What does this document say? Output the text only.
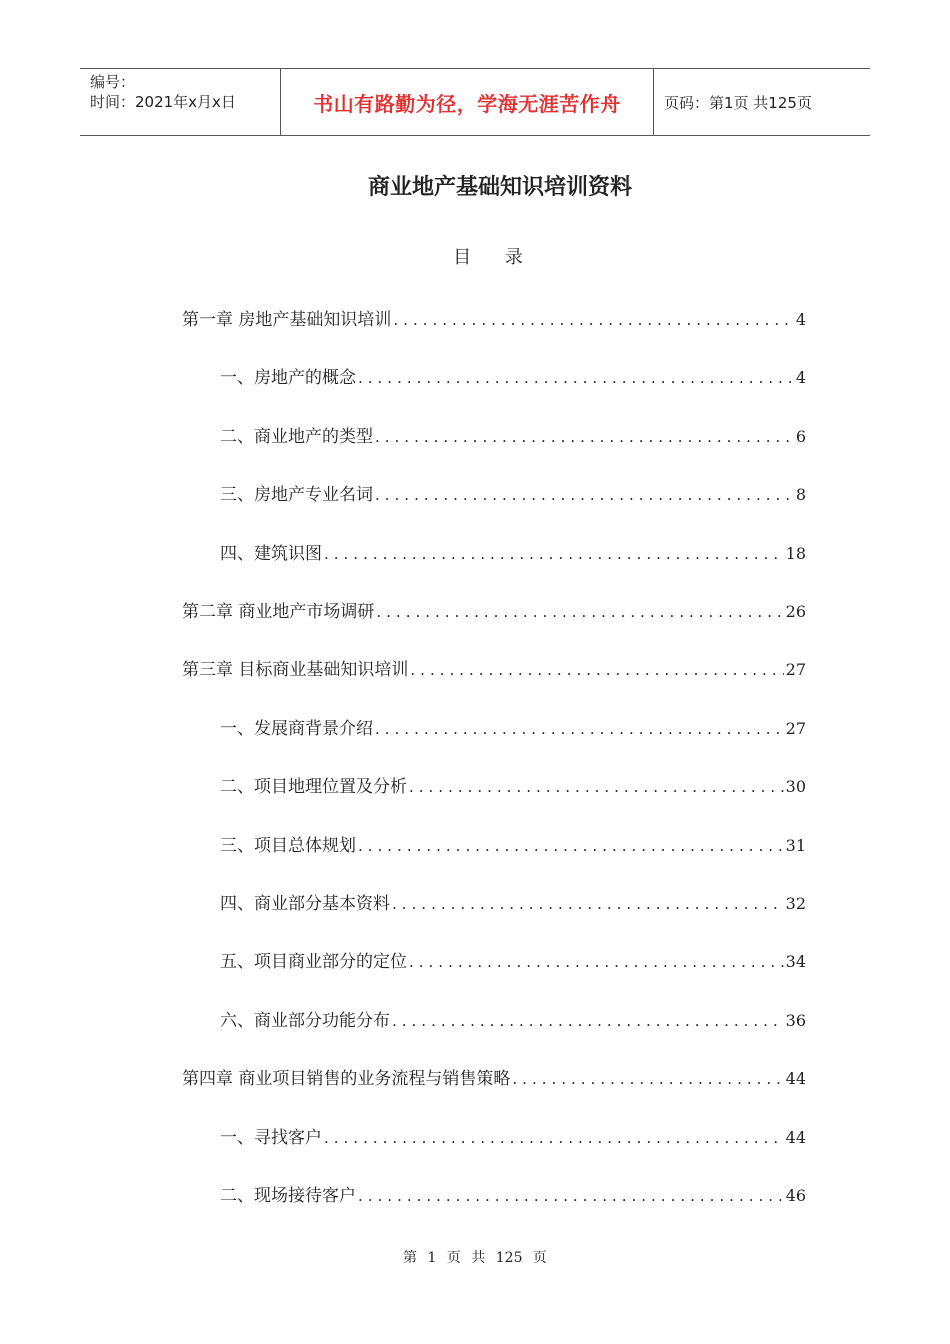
编号：
时间：2021年x月x日	书山有路勤为径，学海无涯苦作舟	页码：第1页 共125页
商业地产基础知识培训资料
目 录
第一章 房地产基础知识培训 .....	4
一、房地产的概念 .....	4
二、商业地产的类型 .....	6
三、房地产专业名词 .....	8
四、建筑识图 .....	18
第二章 商业地产市场调研 .....	26
第三章 目标商业基础知识培训 .....	27
一、发展商背景介绍 .....	27
二、项目地理位置及分析 .....	30
三、项目总体规划 .....	31
四、商业部分基本资料 .....	32
五、项目商业部分的定位 .....	34
六、商业部分功能分布 .....	36
第四章 商业项目销售的业务流程与销售策略 .....	44
一、寻找客户 .....	44
二、现场接待客户 .....	46
第 1 页 共 125 页
